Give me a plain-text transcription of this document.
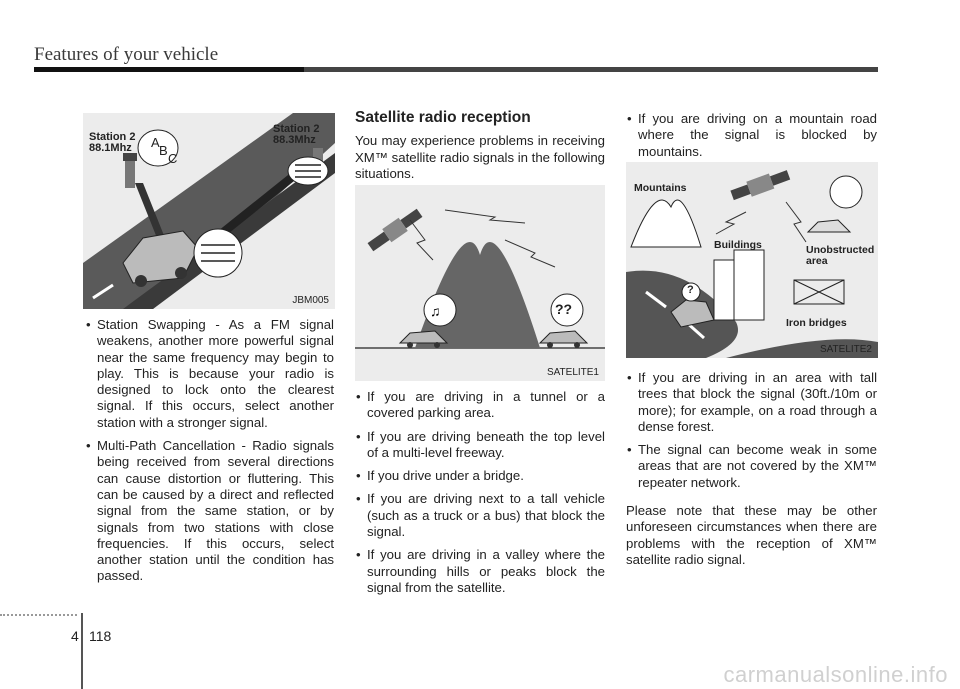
Features of your vehicle
Station 2
88.1Mhz
Station 2
88.3Mhz
A
B
C
JBM005
• Station Swapping - As a FM signal weakens, another more powerful signal near the same frequency may begin to play. This is because your radio is designed to lock onto the clearest signal. If this occurs, select another station with a stronger signal.
• Multi-Path Cancellation - Radio signals being received from several directions can cause distortion or fluttering. This can be caused by a direct and reflected signal from the same station, or by signals from two stations with close frequencies. If this occurs, select another station until the condition has passed.
Satellite radio reception

You may experience problems in receiving XM™ satellite radio signals in the following situations.

♫	??
SATELITE1
• If you are driving in a tunnel or a covered parking area.
• If you are driving beneath the top level of a multi-level freeway.
• If you drive under a bridge.
• If you are driving next to a tall vehicle (such as a truck or a bus) that block the signal.
• If you are driving in a valley where the surrounding hills or peaks block the signal from the satellite.
• If you are driving on a mountain road where the signal is blocked by mountains.
Mountains
Buildings	Unobstructed
area
Iron bridges
?
SATELITE2
• If you are driving in an area with tall trees that block the signal (30ft./10m or more); for example, on a road through a dense forest.
• The signal can become weak in some areas that are not covered by the XM™ repeater network.

Please note that these may be other unforeseen circumstances when there are problems with the reception of XM™ satellite radio signal.

4 118
carmanualsonline.info
